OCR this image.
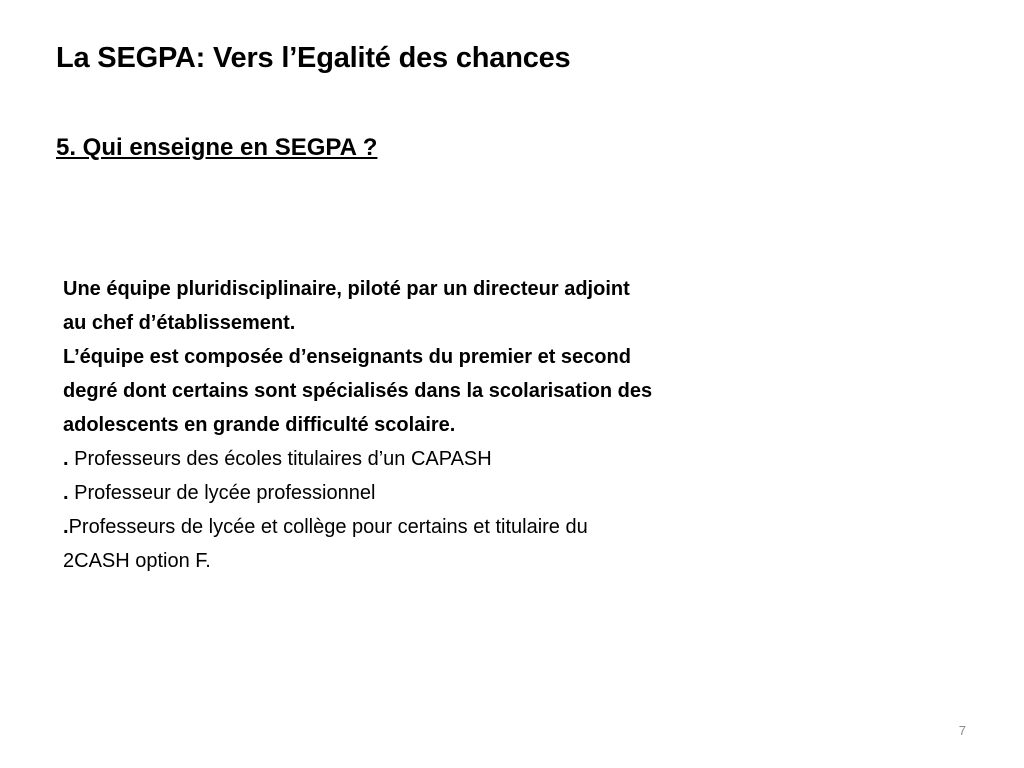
La SEGPA: Vers l’Egalité des chances
5. Qui enseigne en SEGPA ?
Une équipe pluridisciplinaire, piloté par un directeur adjoint
au chef d’établissement.
L’équipe est composée d’enseignants du premier et second
degré dont certains sont spécialisés dans la scolarisation des
adolescents en grande difficulté scolaire.
. Professeurs des écoles titulaires d’un CAPASH
. Professeur de lycée professionnel
.Professeurs de lycée et collège pour certains et titulaire du
2CASH option F.
7
